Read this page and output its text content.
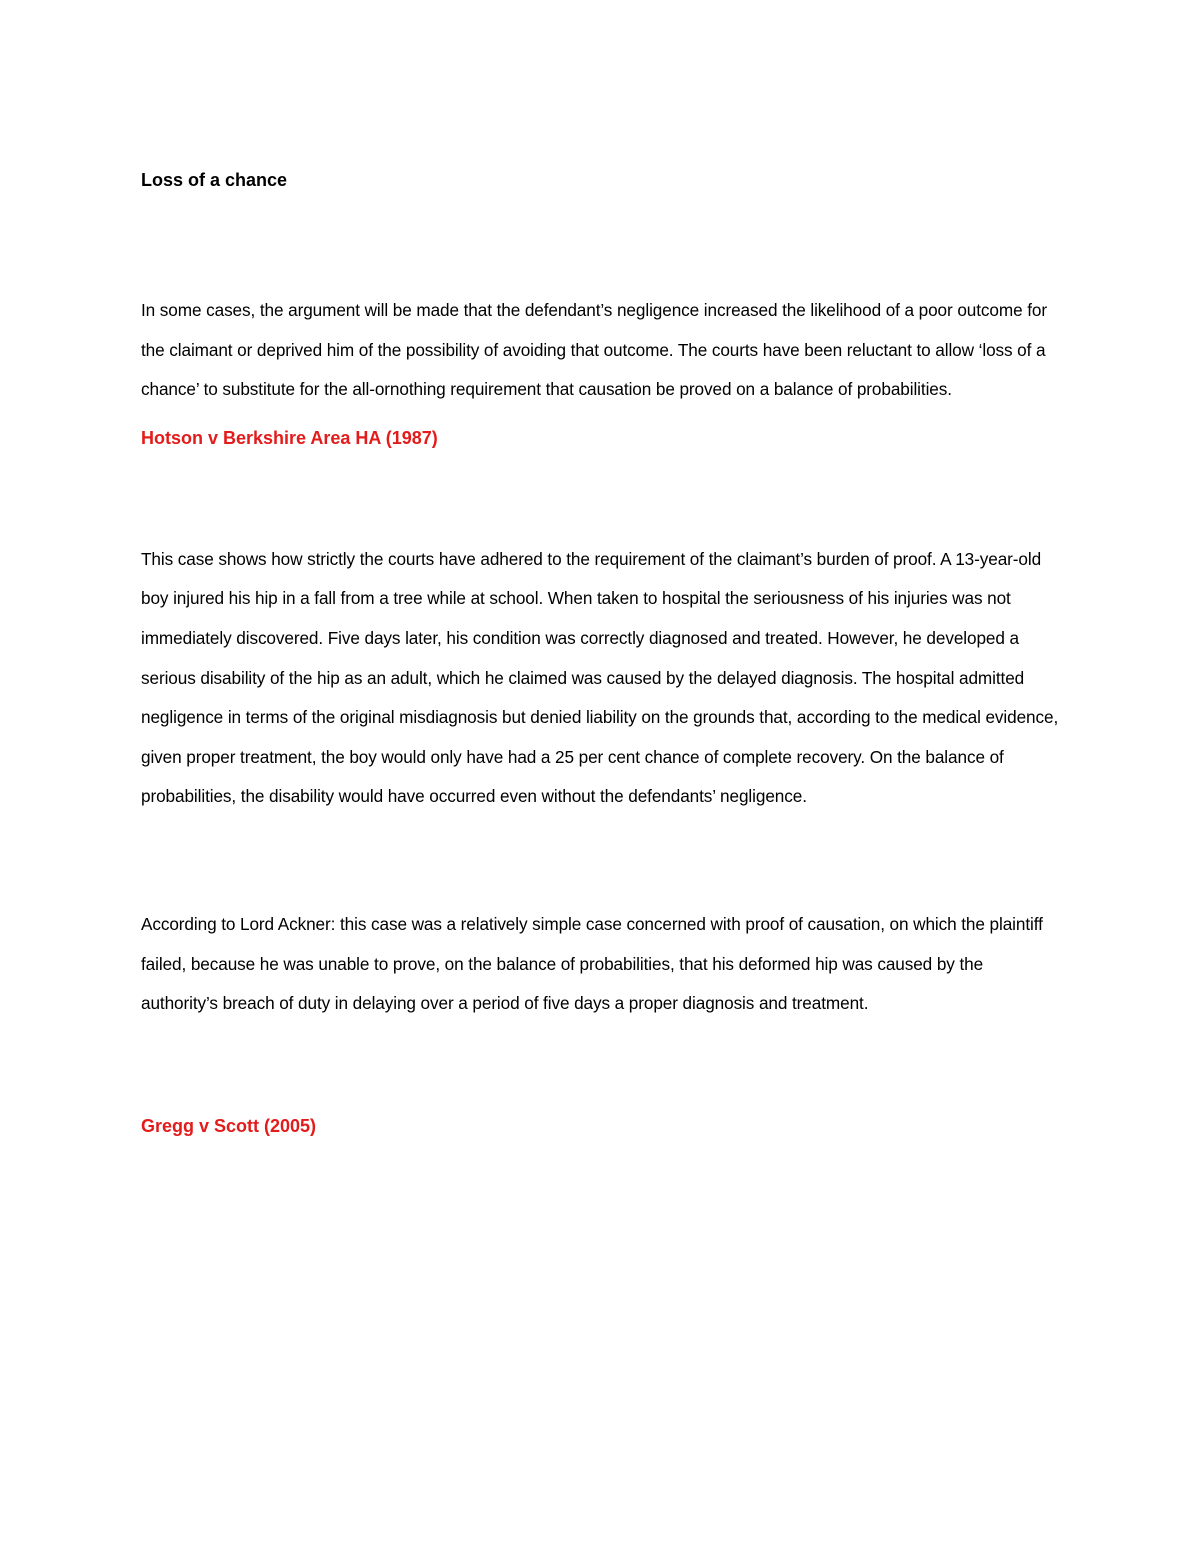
Loss of a chance

In some cases, the argument will be made that the defendant’s negligence increased the likelihood of a poor outcome for the claimant or deprived him of the possibility of avoiding that outcome. The courts have been reluctant to allow ‘loss of a chance’ to substitute for the all-ornothing requirement that causation be proved on a balance of probabilities.

Hotson v Berkshire Area HA (1987)

This case shows how strictly the courts have adhered to the requirement of the claimant’s burden of proof. A 13-year-old boy injured his hip in a fall from a tree while at school. When taken to hospital the seriousness of his injuries was not immediately discovered. Five days later, his condition was correctly diagnosed and treated. However, he developed a serious disability of the hip as an adult, which he claimed was caused by the delayed diagnosis. The hospital admitted negligence in terms of the original misdiagnosis but denied liability on the grounds that, according to the medical evidence, given proper treatment, the boy would only have had a 25 per cent chance of complete recovery. On the balance of probabilities, the disability would have occurred even without the defendants’ negligence.

According to Lord Ackner: this case was a relatively simple case concerned with proof of causation, on which the plaintiff failed, because he was unable to prove, on the balance of probabilities, that his deformed hip was caused by the authority’s breach of duty in delaying over a period of five days a proper diagnosis and treatment.

Gregg v Scott (2005)
